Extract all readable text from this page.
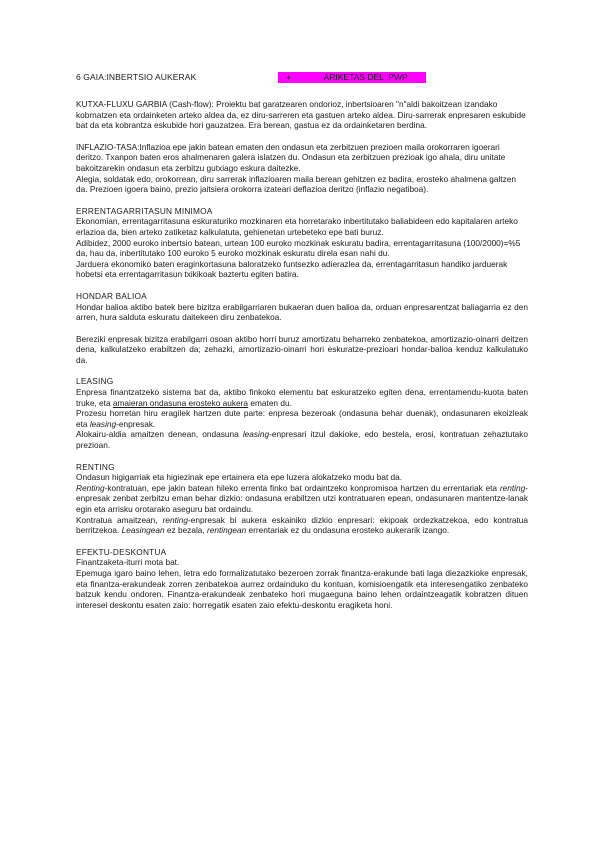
6 GAIA:INBERTSIO AUKERAK	+              ARIKETAS DEL  PWP

KUTXA-FLUXU GARBIA (Cash-flow): Proiektu bat garatzearen ondorioz, inbertsioaren "n"aldi bakoitzean izandako kobrnatzen eta ordainketen arteko aldea da, ez diru-sarreren eta gastuen arteko aldea. Diru-sarrerak enpresaren eskubide bat da eta kobrantza eskubide hori gauzatzea. Era berean, gastua ez da ordainketaren berdina.

INFLAZIO-TASA:Inflazioa epe jakin batean ematen den ondasun eta zerbitzuen prezioen maila orokorraren igoerari deritzo. Txanpon baten eros ahalmenaren galera islatzen du. Ondasun eta zerbitzuen prezioak igo ahala, diru unitate bakoitzarekin ondasun eta zerbitzu gutxiago eskura daitezke.

Alegia, soldatak edo, orokorrean, diru sarrerak inflazioaren maila berean gehitzen ez badira, erosteko ahalmena galtzen da. Prezioen igoera baino, prezio jaitsiera orokorra izateari deflazioa deritzo (inflazio negatiboa).

ERRENTAGARRITASUN MINIMOA

Ekonomian, errentagarritasuna eskuraturiko mozkinaren eta horretarako inbertitutako baliabideen edo kapitalaren arteko erlazioa da, bien arteko zatiketaz kalkulatuta, gehienetan urtebeteko epe bati buruz.

Adibidez, 2000 euroko inbertsio batean, urtean 100 euroko mozkinak eskuratu badira, errentagarritasuna (100/2000)=%5 da, hau da, inbertitutako 100 euroko 5 euroko mozkinak eskuratu direla esan nahi du.

Jarduera ekonomiko baten eraginkortasuna baloratzeko funtsezko adierazlea da, errentagarritasun handiko jarduerak hobetsi eta errentagarritasun txikikoak baztertu egiten batira.

HONDAR BALIOA

Hondar balioa aktibo batek bere bizitza erabilgarriaren bukaeran duen balioa da, orduan enpresarentzat baliagarria ez den arren, hura salduta eskuratu daitekeen diru zenbatekoa.

Bereziki enpresak bizitza erabilgarri osoan aktibo horri buruz amortizatu beharreko zenbatekoa, amortizazio-oinarri deitzen dena, kalkulatzeko erabiltzen da; zehazki, amortizazio-oinarri hori eskuratze-prezioari hondar-balioa kenduz kalkulatuko da.

LEASING

Enpresa finantzatzeko sistema bat da, aktibo finkoko elementu bat eskuratzeko egiten dena, errentamendu-kuota baten truke, eta amaieran ondasuna erosteko aukera ematen du.

Prozesu horretan hiru eragilek hartzen dute parte: enpresa bezeroak (ondasuna behar duenak), ondasunaren ekoizleak eta leasing-enpresak.

Alokairu-aldia amaitzen denean, ondasuna leasing-enpresari itzul dakioke, edo bestela, erosi, kontratuan zehaztutako prezioan.

RENTING

Ondasun higigarriak eta higiezinak epe ertainera eta epe luzera alokatzeko modu bat da.

Renting-kontratuan, epe jakin batean hileko errenta finko bat ordaintzeko konpromisoa hartzen du errentariak eta renting-enpresak zenbat zerbitzu eman behar dizkio: ondasuna erabiltzen utzi kontratuaren epean, ondasunaren mantentze-lanak egin eta arrisku orotarako aseguru bat ordaindu.

Kontratua amaitzean, renting-enpresak bi aukera eskainiko dizkio enpresari: ekipoak ordezkatzekoa, edo kontratua berritzekoa. Leasingean ez bezala, rentingean errentariak ez du ondasuna erosteko aukerarik izango.

EFEKTU-DESKONTUA

Finantzaketa-iturri mota bat.

Epemuga igaro baino lehen, letra edo formalizatutako bezeroen zorrak finantza-erakunde bati laga diezazkioke enpresak, eta finantza-erakundeak zorren zenbatekoa aurrez ordainduko du kontuan, komisioengatik eta interesengatiko zenbateko batzuk kendu ondoren. Finantza-erakundeak zenbateko hori mugaeguna baino lehen ordaintzeagatik kobratzen dituen interesei deskontu esaten zaio: horregatik esaten zaio efektu-deskontu eragiketa honi.
